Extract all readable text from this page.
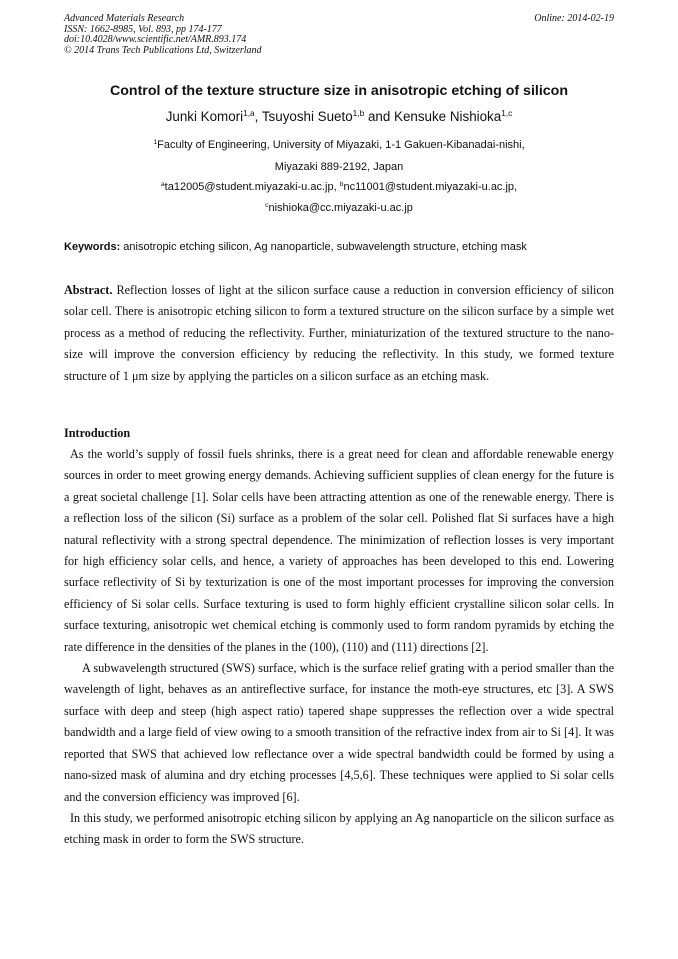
Advanced Materials Research
ISSN: 1662-8985, Vol. 893, pp 174-177
doi:10.4028/www.scientific.net/AMR.893.174
© 2014 Trans Tech Publications Ltd, Switzerland
Online: 2014-02-19
Control of the texture structure size in anisotropic etching of silicon
Junki Komori$^{1,a}$, Tsuyoshi Sueto$^{1,b}$ and Kensuke Nishioka$^{1,c}$
$^1$Faculty of Engineering, University of Miyazaki, 1-1 Gakuen-Kibanadai-nishi,
Miyazaki 889-2192, Japan
$^a$ta12005@student.miyazaki-u.ac.jp, $^b$nc11001@student.miyazaki-u.ac.jp,
$^c$nishioka@cc.miyazaki-u.ac.jp
Keywords: anisotropic etching silicon, Ag nanoparticle, subwavelength structure, etching mask
Abstract. Reflection losses of light at the silicon surface cause a reduction in conversion efficiency of silicon solar cell. There is anisotropic etching silicon to form a textured structure on the silicon surface by a simple wet process as a method of reducing the reflectivity. Further, miniaturization of the textured structure to the nano-size will improve the conversion efficiency by reducing the reflectivity. In this study, we formed texture structure of 1 μm size by applying the particles on a silicon surface as an etching mask.
Introduction
As the world’s supply of fossil fuels shrinks, there is a great need for clean and affordable renewable energy sources in order to meet growing energy demands. Achieving sufficient supplies of clean energy for the future is a great societal challenge [1]. Solar cells have been attracting attention as one of the renewable energy. There is a reflection loss of the silicon (Si) surface as a problem of the solar cell. Polished flat Si surfaces have a high natural reflectivity with a strong spectral dependence. The minimization of reflection losses is very important for high efficiency solar cells, and hence, a variety of approaches has been developed to this end. Lowering surface reflectivity of Si by texturization is one of the most important processes for improving the conversion efficiency of Si solar cells. Surface texturing is used to form highly efficient crystalline silicon solar cells. In surface texturing, anisotropic wet chemical etching is commonly used to form random pyramids by etching the rate difference in the densities of the planes in the (100), (110) and (111) directions [2].
A subwavelength structured (SWS) surface, which is the surface relief grating with a period smaller than the wavelength of light, behaves as an antireflective surface, for instance the moth-eye structures, etc [3]. A SWS surface with deep and steep (high aspect ratio) tapered shape suppresses the reflection over a wide spectral bandwidth and a large field of view owing to a smooth transition of the refractive index from air to Si [4]. It was reported that SWS that achieved low reflectance over a wide spectral bandwidth could be formed by using a nano-sized mask of alumina and dry etching processes [4,5,6]. These techniques were applied to Si solar cells and the conversion efficiency was improved [6].
In this study, we performed anisotropic etching silicon by applying an Ag nanoparticle on the silicon surface as etching mask in order to form the SWS structure.
